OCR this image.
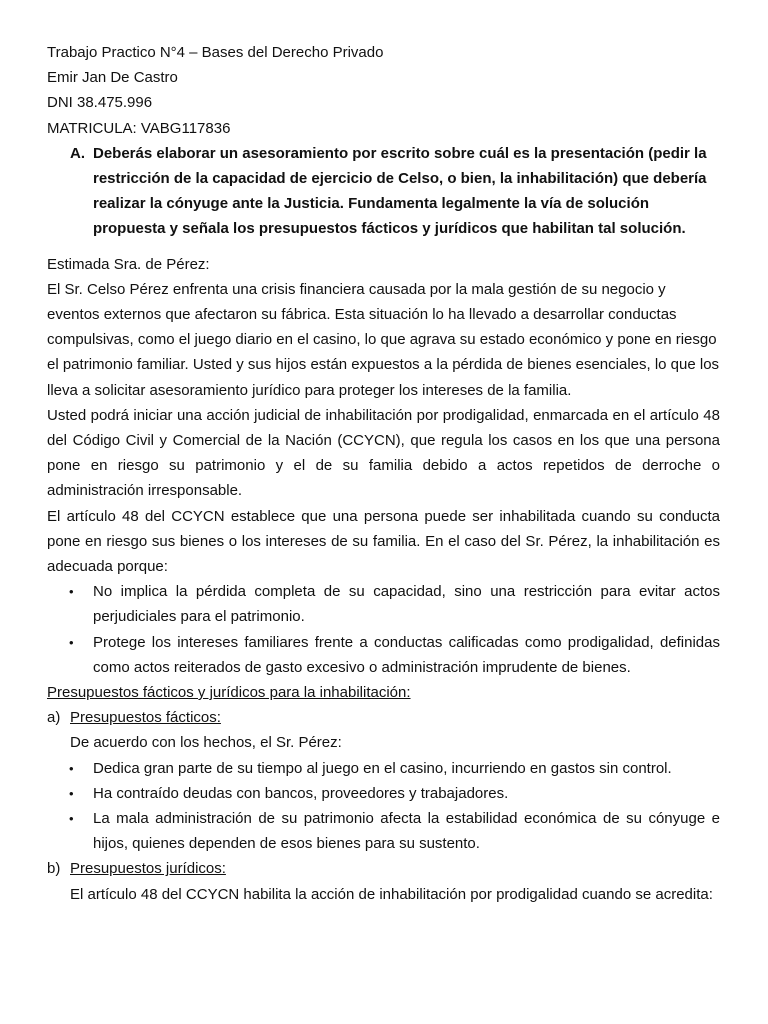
Trabajo Practico N°4 – Bases del Derecho Privado
Emir Jan De Castro
DNI 38.475.996
MATRICULA: VABG117836
A. Deberás elaborar un asesoramiento por escrito sobre cuál es la presentación (pedir la restricción de la capacidad de ejercicio de Celso, o bien, la inhabilitación) que debería realizar la cónyuge ante la Justicia. Fundamenta legalmente la vía de solución propuesta y señala los presupuestos fácticos y jurídicos que habilitan tal solución.
Estimada Sra. de Pérez:
El Sr. Celso Pérez enfrenta una crisis financiera causada por la mala gestión de su negocio y eventos externos que afectaron su fábrica. Esta situación lo ha llevado a desarrollar conductas compulsivas, como el juego diario en el casino, lo que agrava su estado económico y pone en riesgo el patrimonio familiar. Usted y sus hijos están expuestos a la pérdida de bienes esenciales, lo que los lleva a solicitar asesoramiento jurídico para proteger los intereses de la familia.
Usted podrá iniciar una acción judicial de inhabilitación por prodigalidad, enmarcada en el artículo 48 del Código Civil y Comercial de la Nación (CCYCN), que regula los casos en los que una persona pone en riesgo su patrimonio y el de su familia debido a actos repetidos de derroche o administración irresponsable.
El artículo 48 del CCYCN establece que una persona puede ser inhabilitada cuando su conducta pone en riesgo sus bienes o los intereses de su familia. En el caso del Sr. Pérez, la inhabilitación es adecuada porque:
• No implica la pérdida completa de su capacidad, sino una restricción para evitar actos perjudiciales para el patrimonio.
• Protege los intereses familiares frente a conductas calificadas como prodigalidad, definidas como actos reiterados de gasto excesivo o administración imprudente de bienes.
Presupuestos fácticos y jurídicos para la inhabilitación:
a) Presupuestos fácticos:
De acuerdo con los hechos, el Sr. Pérez:
• Dedica gran parte de su tiempo al juego en el casino, incurriendo en gastos sin control.
• Ha contraído deudas con bancos, proveedores y trabajadores.
• La mala administración de su patrimonio afecta la estabilidad económica de su cónyuge e hijos, quienes dependen de esos bienes para su sustento.
b) Presupuestos jurídicos:
El artículo 48 del CCYCN habilita la acción de inhabilitación por prodigalidad cuando se acredita:
